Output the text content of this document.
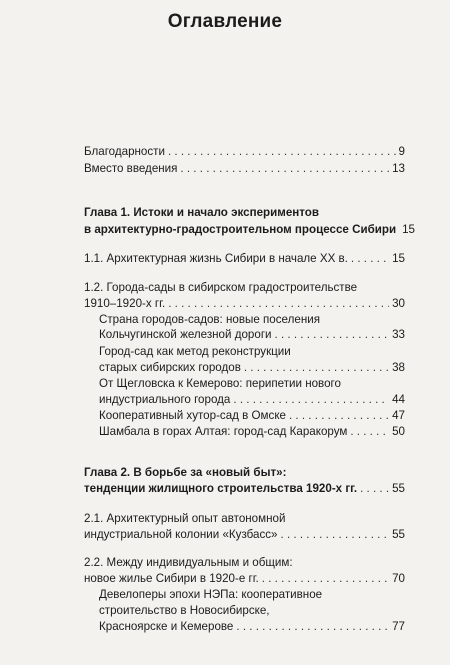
Оглавление
Благодарности . . .	9
Вместо введения . . .	13
Глава 1. Истоки и начало экспериментов
в архитектурно-градостроительном процессе Сибири 15
1.1. Архитектурная жизнь Сибири в начале ХХ в. . . .	15
1.2. Города-сады в сибирском градостроительстве
1910–1920-х гг. . . .	30
Страна городов-садов: новые поселения
Кольчугинской железной дороги . . .	33
Город-сад как метод реконструкции
старых сибирских городов . . .	38
От Щегловска к Кемерово: перипетии нового
индустриального города . . .	44
Кооперативный хутор-сад в Омске . . .	47
Шамбала в горах Алтая: город-сад Каракорум . . .	50
Глава 2. В борьбе за «новый быт»:
тенденции жилищного строительства 1920-х гг. . . .	55
2.1. Архитектурный опыт автономной
индустриальной колонии «Кузбасс» . . .	55
2.2. Между индивидуальным и общим:
новое жилье Сибири в 1920-е гг. . . .	70
Девелоперы эпохи НЭПа: кооперативное
строительство в Новосибирске,
Красноярске и Кемерове . . .	77
